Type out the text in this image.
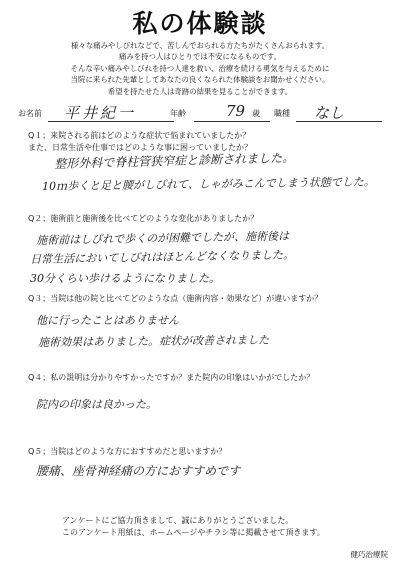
私の体験談
様々な痛みやしびれなどで、苦しんでおられる方たちがたくさんおられます。
痛みを持つ人はひとりでは不安になるものです。
そんな辛い痛みやしびれを持つ人達を救い、治療を続ける勇気を与えるために
当院に来られた先輩としてあなたの良くなられた体験談をお聞かせください。
希望を持たせた人は奇跡の結果を見ることができます。
お名前 平井紀一	年齢	79 歳 職種 なし
Q１；来院される前はどのような症状で悩まれていましたか？
また、日常生活や仕事ではどのような事に困っていましたか？
整形外科で脊柱管狭窄症と診断されました。
10ｍ歩くと足と腰がしびれて、しゃがみこんでしまう状態でした。
Q２；施術前と施術後を比べてどのような変化がありましたか？
施術前はしびれで歩くのが困難でしたが、施術後は
日常生活においてしびれはほとんどなくなりました。
30分くらい歩けるようになりました。
Q３；当院は他の院と比べてどのような点（施術内容・効果など）が違いますか？
他に行ったことはありません
施術効果はありました。症状が改善されました
Q４；私の説明は分かりやすかったですか？また院内の印象はいかがでしたか？
院内の印象は良かった。
Q５；当院はどのような方におすすめだと思いますか？
腰痛、座骨神経痛の方におすすめです
アンケートにご協力頂きまして、誠にありがとうございました。
このアンケート用紙は、ホームページやチラシ等に掲載させて頂きます。
健巧治療院
